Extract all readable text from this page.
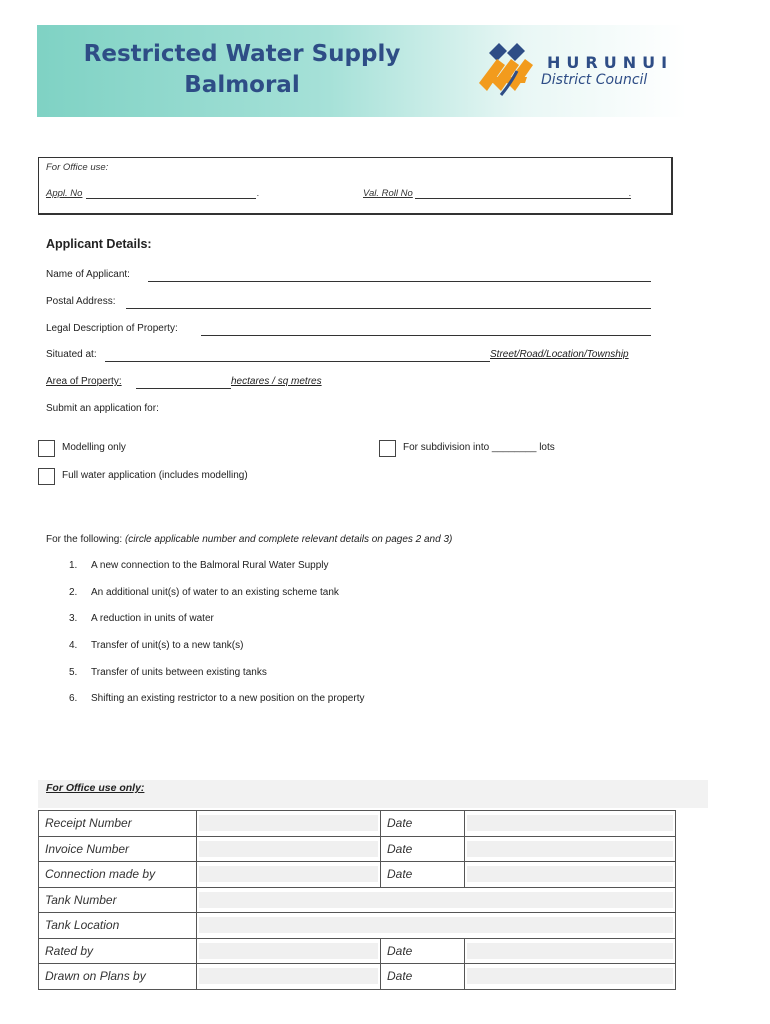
Restricted Water Supply
Balmoral
HURUNUI
District Council
For Office use:
Appl. No	.	Val. Roll No	.
Applicant Details:
Name of Applicant:
Postal Address:
Legal Description of Property:
Situated at:	Street/Road/Location/Township
Area of Property:	hectares / sq metres
Submit an application for:
Modelling only	For subdivision into ________ lots
Full water application (includes modelling)
For the following: (circle applicable number and complete relevant details on pages 2 and 3)
1. A new connection to the Balmoral Rural Water Supply
2. An additional unit(s) of water to an existing scheme tank
3. A reduction in units of water
4. Transfer of unit(s) to a new tank(s)
5. Transfer of units between existing tanks
6. Shifting an existing restrictor to a new position on the property
For Office use only:
Receipt Number		Date	

Invoice Number		Date	

Connection made by		Date	

Tank Number			

Tank Location			

Rated by		Date	

Drawn on Plans by		Date	
